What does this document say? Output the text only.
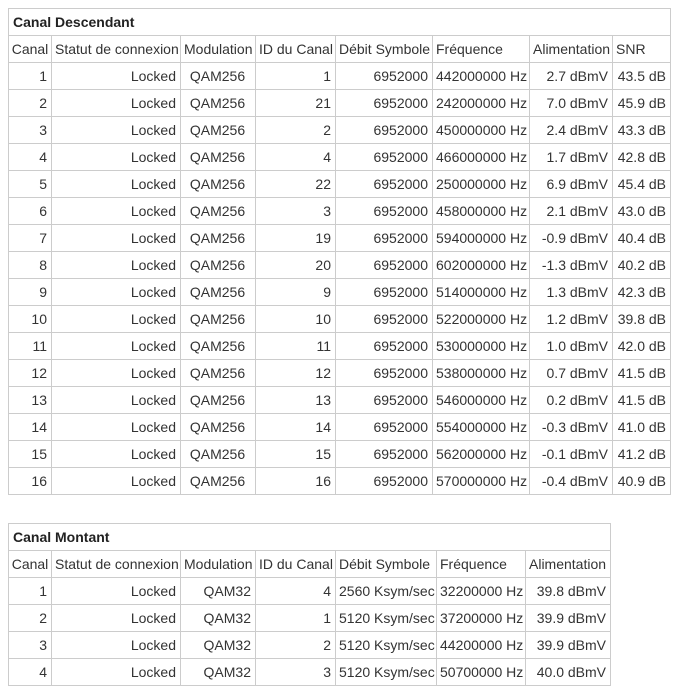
Canal Descendant							
Canal	Statut de connexion	Modulation	ID du Canal	Débit Symbole	Fréquence	Alimentation	SNR
1	Locked	QAM256	1	6952000	442000000 Hz	2.7 dBmV	43.5 dB
2	Locked	QAM256	21	6952000	242000000 Hz	7.0 dBmV	45.9 dB
3	Locked	QAM256	2	6952000	450000000 Hz	2.4 dBmV	43.3 dB
4	Locked	QAM256	4	6952000	466000000 Hz	1.7 dBmV	42.8 dB
5	Locked	QAM256	22	6952000	250000000 Hz	6.9 dBmV	45.4 dB
6	Locked	QAM256	3	6952000	458000000 Hz	2.1 dBmV	43.0 dB
7	Locked	QAM256	19	6952000	594000000 Hz	-0.9 dBmV	40.4 dB
8	Locked	QAM256	20	6952000	602000000 Hz	-1.3 dBmV	40.2 dB
9	Locked	QAM256	9	6952000	514000000 Hz	1.3 dBmV	42.3 dB
10	Locked	QAM256	10	6952000	522000000 Hz	1.2 dBmV	39.8 dB
11	Locked	QAM256	11	6952000	530000000 Hz	1.0 dBmV	42.0 dB
12	Locked	QAM256	12	6952000	538000000 Hz	0.7 dBmV	41.5 dB
13	Locked	QAM256	13	6952000	546000000 Hz	0.2 dBmV	41.5 dB
14	Locked	QAM256	14	6952000	554000000 Hz	-0.3 dBmV	41.0 dB
15	Locked	QAM256	15	6952000	562000000 Hz	-0.1 dBmV	41.2 dB
16	Locked	QAM256	16	6952000	570000000 Hz	-0.4 dBmV	40.9 dB
Canal Montant						
Canal	Statut de connexion	Modulation	ID du Canal	Débit Symbole	Fréquence	Alimentation
1	Locked	QAM32	4	2560 Ksym/sec	32200000 Hz	39.8 dBmV
2	Locked	QAM32	1	5120 Ksym/sec	37200000 Hz	39.9 dBmV
3	Locked	QAM32	2	5120 Ksym/sec	44200000 Hz	39.9 dBmV
4	Locked	QAM32	3	5120 Ksym/sec	50700000 Hz	40.0 dBmV
